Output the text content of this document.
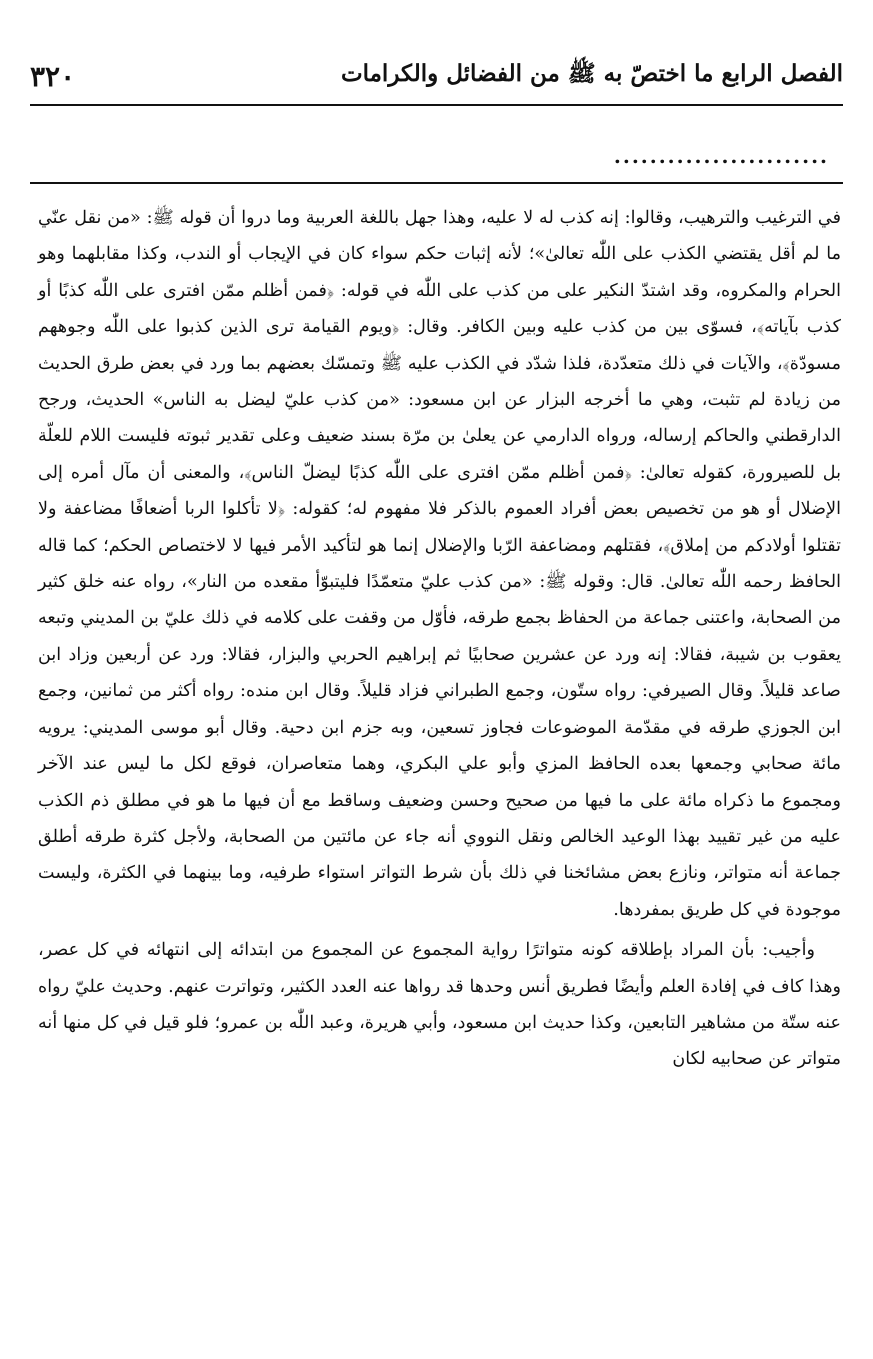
الفصل الرابع ما اختصّ به ﷺ من الفضائل والكرامات
٣٢٠
........................

في الترغيب والترهيب، وقالوا: إنه كذب له لا عليه، وهذا جهل باللغة العربية وما دروا أن قوله ﷺ: «من نقل عنّي ما لم أقل يقتضي الكذب على اللّٰه تعالىٰ»؛ لأنه إثبات حكم سواء كان في الإيجاب أو الندب، وكذا مقابلهما وهو الحرام والمكروه، وقد اشتدّ النكير على من كذب على اللّٰه في قوله: ﴿فمن أظلم ممّن افترى على اللّٰه كذبًا أو كذب بآياته﴾، فسوّى بين من كذب عليه وبين الكافر. وقال: ﴿ويوم القيامة ترى الذين كذبوا على اللّٰه وجوههم مسودّة﴾، والآيات في ذلك متعدّدة، فلذا شدّد في الكذب عليه ﷺ وتمسّك بعضهم بما ورد في بعض طرق الحديث من زيادة لم تثبت، وهي ما أخرجه البزار عن ابن مسعود: «من كذب عليّ ليضل به الناس» الحديث، ورجح الدارقطني والحاكم إرساله، ورواه الدارمي عن يعلىٰ بن مرّة بسند ضعيف وعلى تقدير ثبوته فليست اللام للعلّة بل للصيرورة، كقوله تعالىٰ: ﴿فمن أظلم ممّن افترى على اللّٰه كذبًا ليضلّ الناس﴾، والمعنى أن مآل أمره إلى الإضلال أو هو من تخصيص بعض أفراد العموم بالذكر فلا مفهوم له؛ كقوله: ﴿لا تأكلوا الربا أضعافًا مضاعفة ولا تقتلوا أولادكم من إملاق﴾، فقتلهم ومضاعفة الرّبا والإضلال إنما هو لتأكيد الأمر فيها لا لاختصاص الحكم؛ كما قاله الحافظ رحمه اللّٰه تعالىٰ. قال: وقوله ﷺ: «من كذب عليّ متعمّدًا فليتبوّأ مقعده من النار»، رواه عنه خلق كثير من الصحابة، واعتنى جماعة من الحفاظ بجمع طرقه، فأوّل من وقفت على كلامه في ذلك عليّ بن المديني وتبعه يعقوب بن شيبة، فقالا: إنه ورد عن عشرين صحابيًا ثم إبراهيم الحربي والبزار، فقالا: ورد عن أربعين وزاد ابن صاعد قليلاً. وقال الصيرفي: رواه ستّون، وجمع الطبراني فزاد قليلاً. وقال ابن منده: رواه أكثر من ثمانين، وجمع ابن الجوزي طرقه في مقدّمة الموضوعات فجاوز تسعين، وبه جزم ابن دحية. وقال أبو موسى المديني: يرويه مائة صحابي وجمعها بعده الحافظ المزي وأبو علي البكري، وهما متعاصران، فوقع لكل ما ليس عند الآخر ومجموع ما ذكراه مائة على ما فيها من صحيح وحسن وضعيف وساقط مع أن فيها ما هو في مطلق ذم الكذب عليه من غير تقييد بهذا الوعيد الخالص ونقل النووي أنه جاء عن مائتين من الصحابة، ولأجل كثرة طرقه أطلق جماعة أنه متواتر، ونازع بعض مشائخنا في ذلك بأن شرط التواتر استواء طرفيه، وما بينهما في الكثرة، وليست موجودة في كل طريق بمفردها.

وأجيب: بأن المراد بإطلاقه كونه متواترًا رواية المجموع عن المجموع من ابتدائه إلى انتهائه في كل عصر، وهذا كاف في إفادة العلم وأيضًا فطريق أنس وحدها قد رواها عنه العدد الكثير، وتواترت عنهم. وحديث عليّ رواه عنه ستّة من مشاهير التابعين، وكذا حديث ابن مسعود، وأبي هريرة، وعبد اللّٰه بن عمرو؛ فلو قيل في كل منها أنه متواتر عن صحابيه لكان
